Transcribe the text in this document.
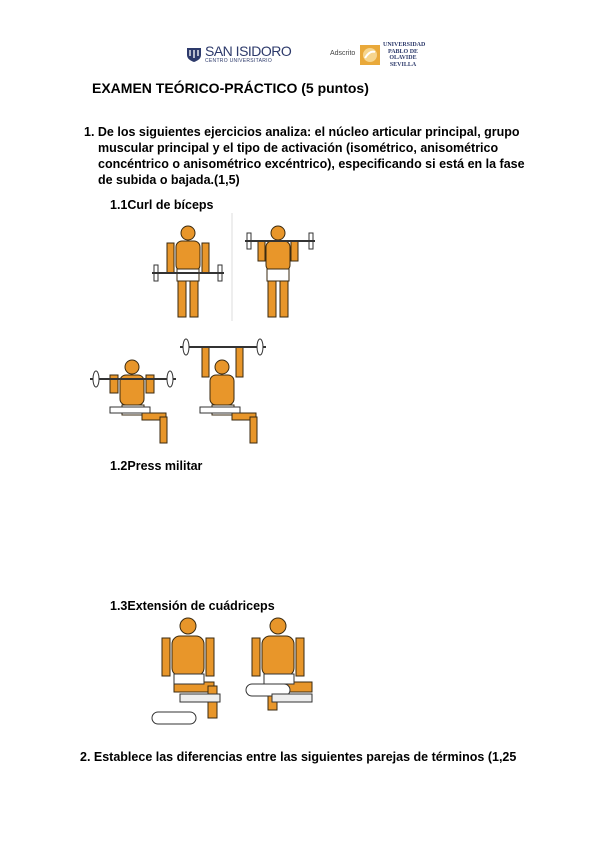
SAN ISIDORO
CENTRO UNIVERSITARIO
Adscrito
UNIVERSIDAD PABLO DE OLAVIDE SEVILLA
EXAMEN TEÓRICO-PRÁCTICO (5 puntos)
1. De los siguientes ejercicios analiza: el núcleo articular principal, grupo muscular principal y el tipo de activación (isométrico, anisométrico concéntrico o anisométrico excéntrico), especificando si está en la fase de subida o bajada.(1,5)
1.1Curl de bíceps
1.2Press militar
1.3Extensión de cuádriceps
2. Establece las diferencias entre las siguientes parejas de términos (1,25
